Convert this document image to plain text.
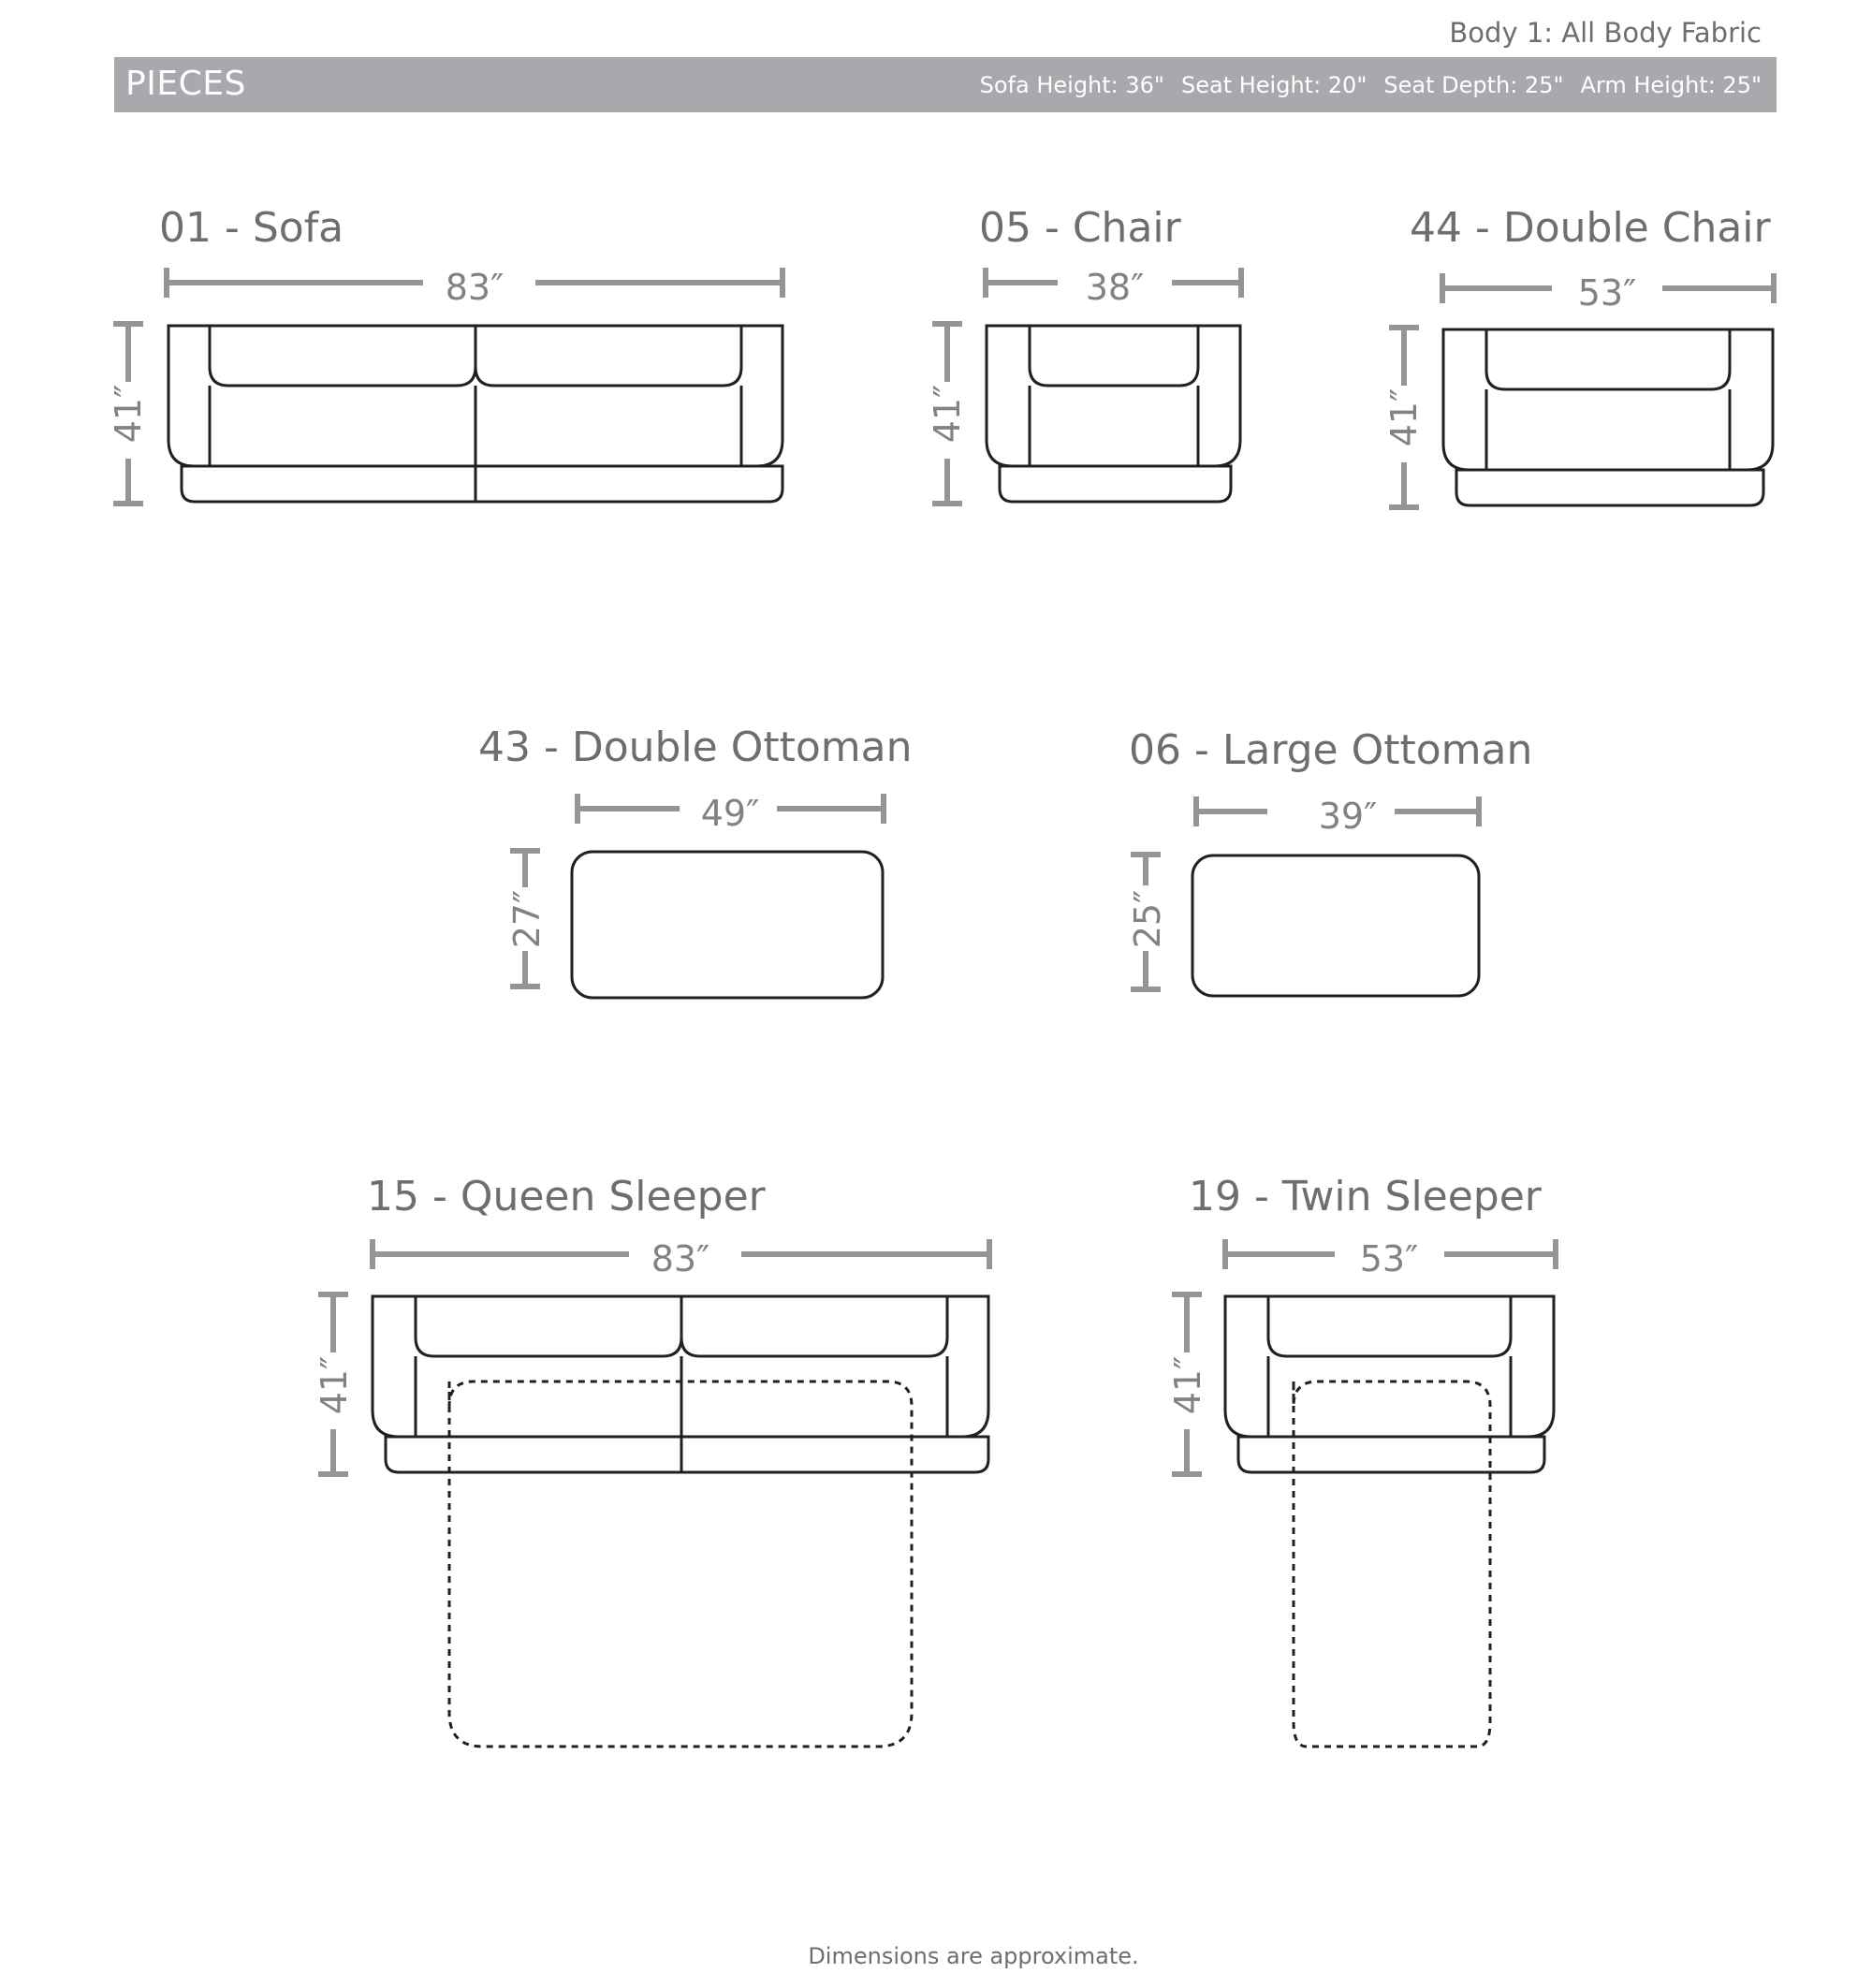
Body 1: All Body Fabric
PIECES	Sofa Height: 36" Seat Height: 20" Seat Depth: 25" Arm Height: 25"
01 - Sofa
83″
41″
05 - Chair
38″
41″
44 - Double Chair
53″
41″
43 - Double Ottoman
49″
27″
06 - Large Ottoman
39″
25″
15 - Queen Sleeper
83″
41″
19 - Twin Sleeper
53″
41″
Dimensions are approximate.
